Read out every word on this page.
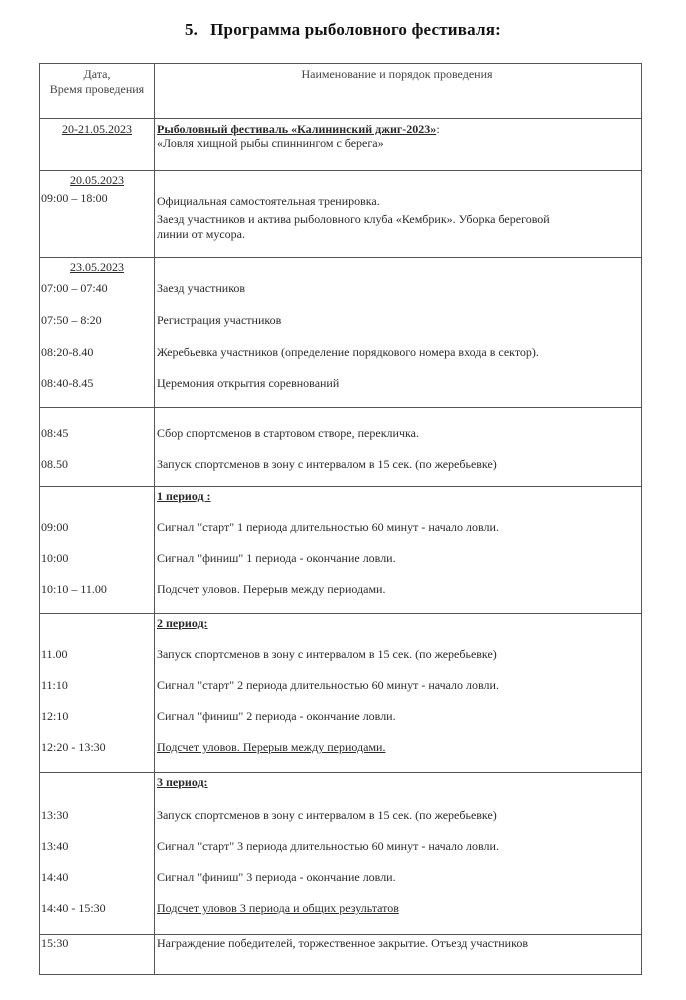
5. Программа рыболовного фестиваля:
Дата,
Время проведения
Наименование и порядок проведения
20-21.05.2023	Рыболовный фестиваль «Калининский джиг-2023»:
«Ловля хищной рыбы спиннингом с берега»
20.05.2023
09:00 – 18:00	Официальная самостоятельная тренировка.
Заезд участников и актива рыболовного клуба «Кембрик». Уборка береговой
линии от мусора.
23.05.2023
07:00 – 07:40	Заезд участников
07:50 – 8:20	Регистрация участников
08:20-8.40	Жеребьевка участников (определение порядкового номера входа в сектор).
08:40-8.45	Церемония открытия соревнований
08:45	Сбор спортсменов в стартовом створе, перекличка.
08.50	Запуск спортсменов в зону с интервалом в 15 сек. (по жеребьевке)
1 период :
09:00	Сигнал "старт" 1 периода длительностью 60 минут - начало ловли.
10:00	Сигнал "финиш" 1 периода - окончание ловли.
10:10 – 11.00	Подсчет уловов. Перерыв между периодами.
2 период:
11.00	Запуск спортсменов в зону с интервалом в 15 сек. (по жеребьевке)
11:10	Сигнал "старт" 2 периода длительностью 60 минут - начало ловли.
12:10	Сигнал "финиш" 2 периода - окончание ловли.
12:20 - 13:30	Подсчет уловов. Перерыв между периодами.
3 период:
13:30	Запуск спортсменов в зону с интервалом в 15 сек. (по жеребьевке)
13:40	Сигнал "старт" 3 периода длительностью 60 минут - начало ловли.
14:40	Сигнал "финиш" 3 периода - окончание ловли.
14:40 - 15:30	Подсчет уловов 3 периода и общих результатов
15:30	Награждение победителей, торжественное закрытие. Отъезд участников
